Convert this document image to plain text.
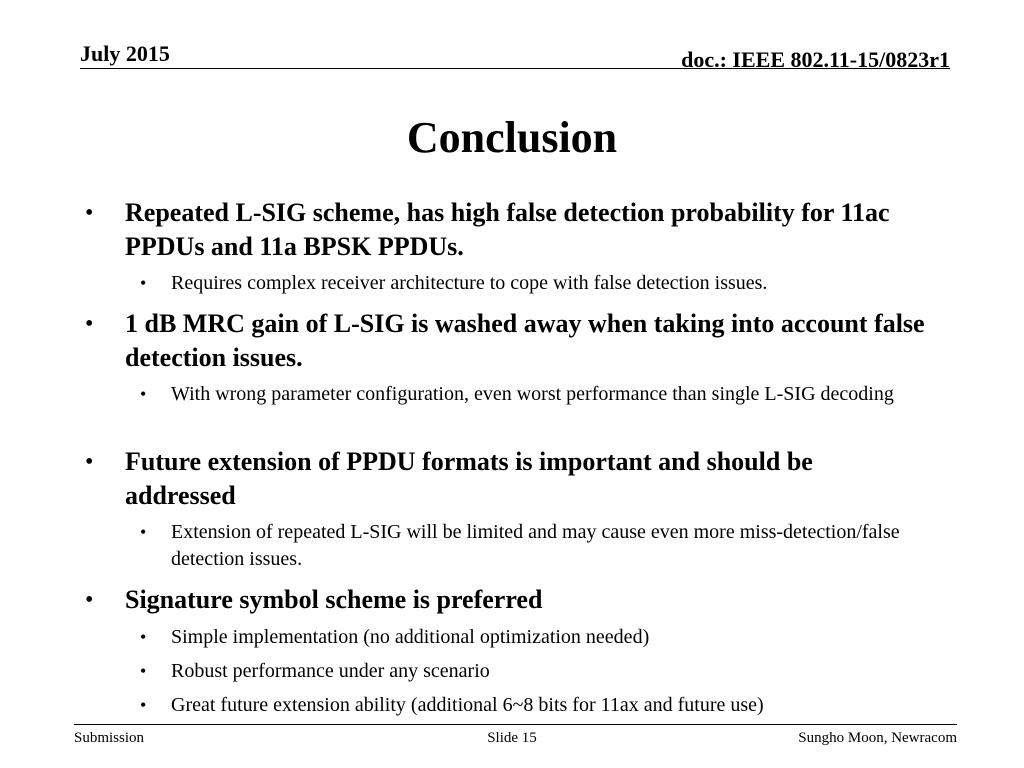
July 2015	doc.: IEEE 802.11-15/0823r1
Conclusion
• Repeated L-SIG scheme, has high false detection probability for 11ac PPDUs and 11a BPSK PPDUs.
• Requires complex receiver architecture to cope with false detection issues.
• 1 dB MRC gain of L-SIG is washed away when taking into account false detection issues.
• With wrong parameter configuration, even worst performance than single L-SIG decoding
• Future extension of PPDU formats is important and should be addressed
• Extension of repeated L-SIG will be limited and may cause even more miss-detection/false detection issues.
• Signature symbol scheme is preferred
• Simple implementation (no additional optimization needed)
• Robust performance under any scenario
• Great future extension ability (additional 6~8 bits for 11ax and future use)
Submission	Slide 15	Sungho Moon, Newracom
